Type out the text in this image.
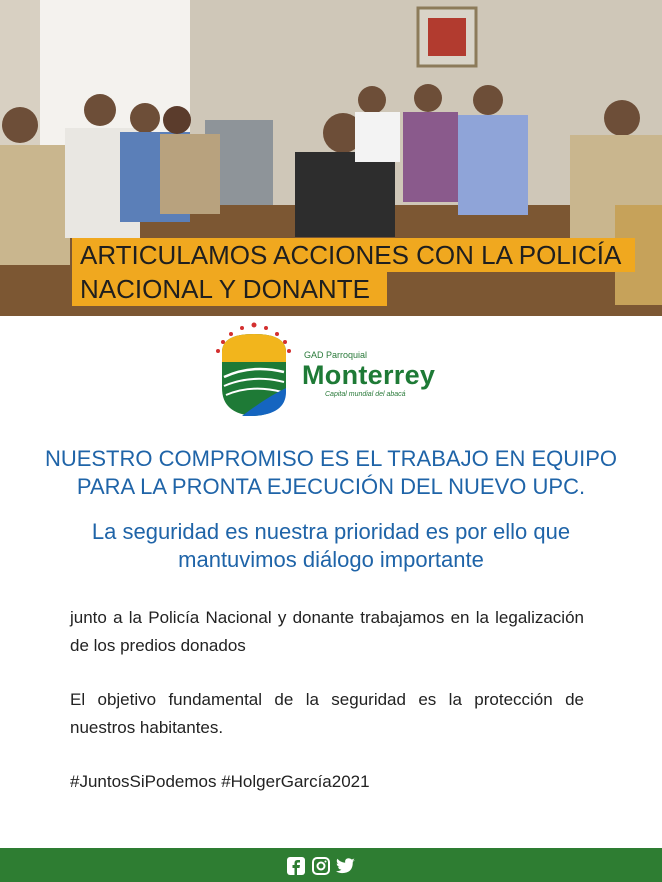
ARTICULAMOS ACCIONES CON LA POLICÍA
NACIONAL Y DONANTE
GAD Parroquial
Monterrey
Capital mundial del abacá
NUESTRO COMPROMISO ES EL TRABAJO EN EQUIPO
PARA LA PRONTA EJECUCIÓN DEL NUEVO UPC.
La seguridad es nuestra prioridad es por ello que
mantuvimos diálogo importante
junto a la Policía Nacional y donante trabajamos en la legalización de los predios donados
El objetivo fundamental de la seguridad es la protección de nuestros habitantes.
#JuntosSiPodemos #HolgerGarcía2021
